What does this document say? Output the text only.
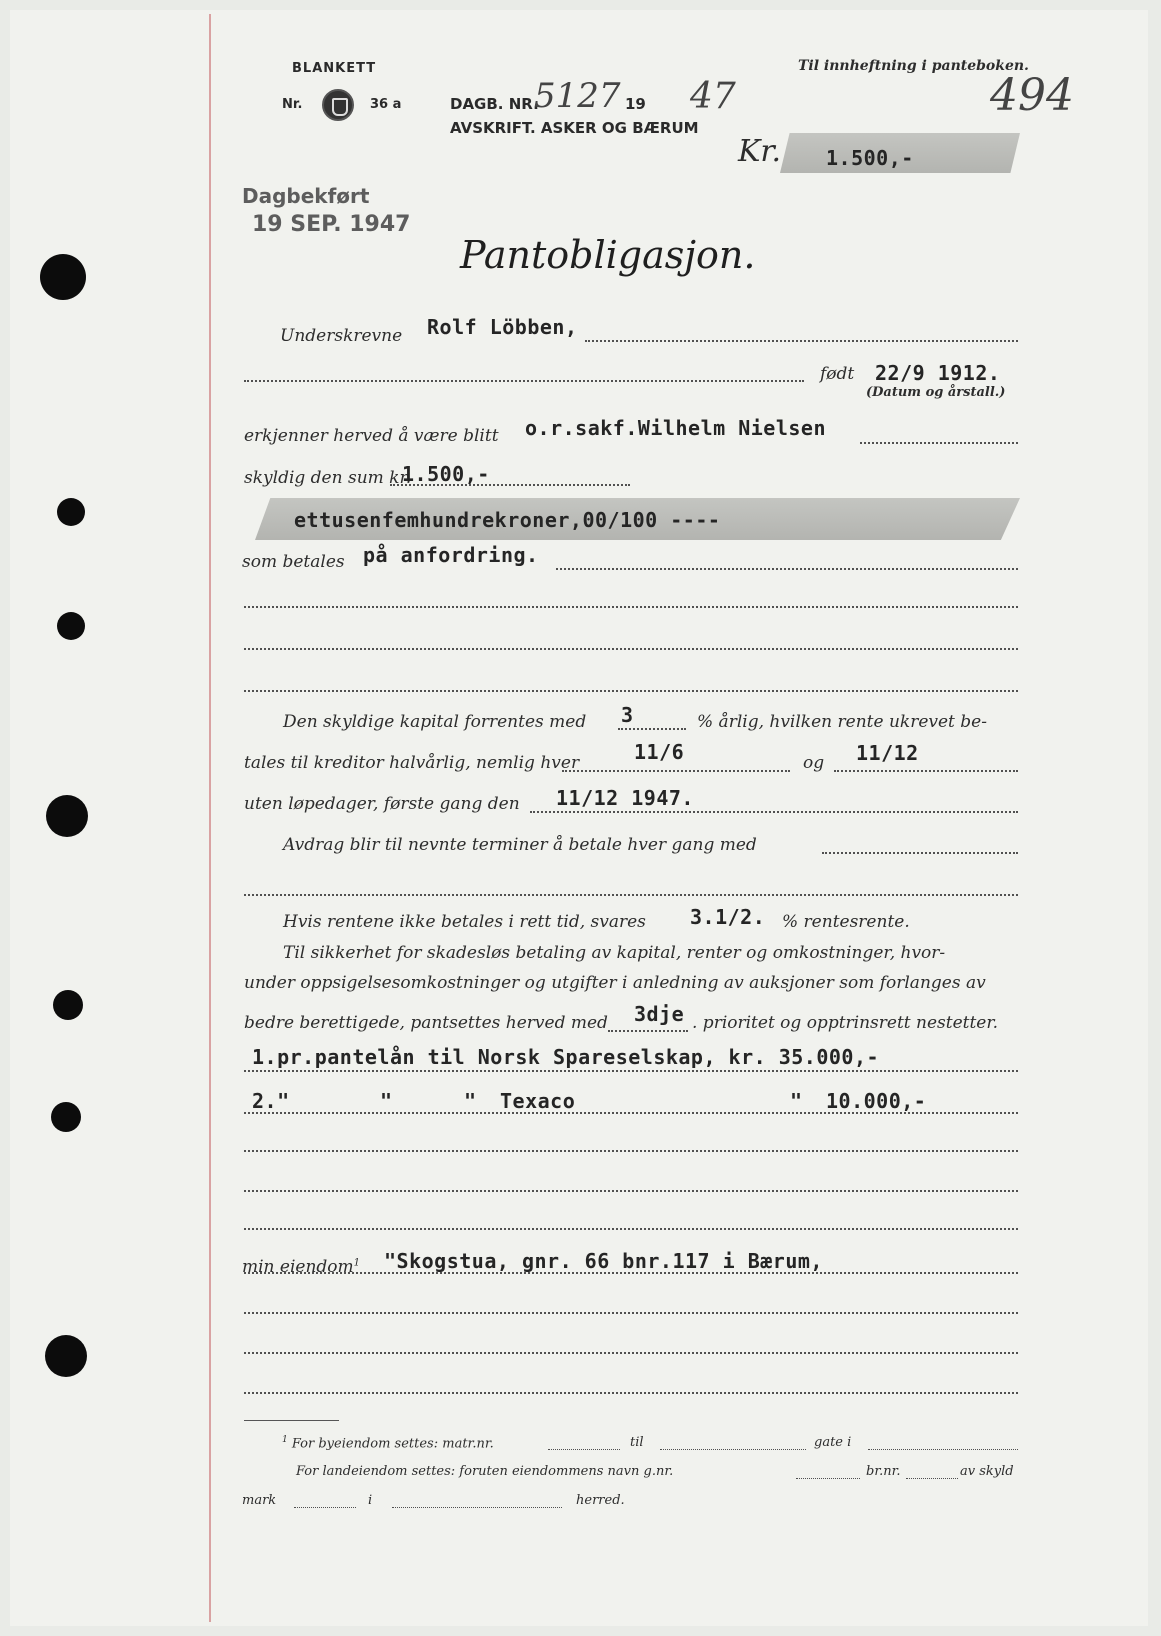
BLANKETT
Nr.	36 a
Til innheftning i panteboken.
DAGB. NR.
5127 19 47
AVSKRIFT. ASKER OG BÆRUM
494
Kr. 1.500,-
Dagbekført
19 SEP. 1947
Pantobligasjon.
Underskrevne Rolf Löbben,
født 22/9 1912.
(Datum og årstall.)
erkjenner herved å være blitt o.r.sakf.Wilhelm Nielsen
skyldig den sum kr.
1.500,-
ettusenfemhundrekroner,00/100 ----
som betales på anfordring.
Den skyldige kapital forrentes med 3	% årlig, hvilken rente ukrevet be-
tales til kreditor halvårlig, nemlig hver	11/6	og 11/12
uten løpedager, første gang den 11/12 1947.
Avdrag blir til nevnte terminer å betale hver gang med
Hvis rentene ikke betales i rett tid, svares 3.1/2. % rentesrente.
Til sikkerhet for skadesløs betaling av kapital, renter og omkostninger, hvor-
under oppsigelsesomkostninger og utgifter i anledning av auksjoner som forlanges av
bedre berettigede, pantsettes herved med 3dje . prioritet og opptrinsrett nestetter.
1.pr.pantelån til Norsk Spareselskap, kr. 35.000,-
2."	"	" Texaco	" 10.000,-
min eiendom$^1$ "Skogstua, gnr. 66 bnr.117 i Bærum,
$^1$ For byeiendom settes: matr.nr.	til	gate i
For landeiendom settes: foruten eiendommens navn g.nr.	br.nr.	av skyld
mark	i	herred.
